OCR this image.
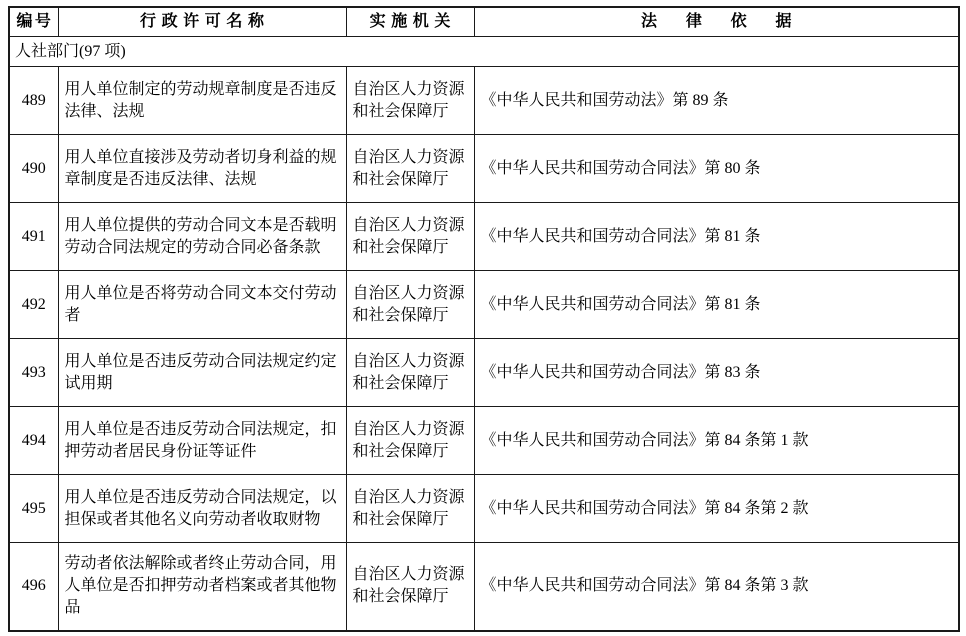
编号	行政许可名称	实施机关	法律依据
人社部门(97 项)			
489	用人单位制定的劳动规章制度是否违反法律、法规	自治区人力资源和社会保障厅	《中华人民共和国劳动法》第 89 条
490	用人单位直接涉及劳动者切身利益的规章制度是否违反法律、法规	自治区人力资源和社会保障厅	《中华人民共和国劳动合同法》第 80 条
491	用人单位提供的劳动合同文本是否载明劳动合同法规定的劳动合同必备条款	自治区人力资源和社会保障厅	《中华人民共和国劳动合同法》第 81 条
492	用人单位是否将劳动合同文本交付劳动者	自治区人力资源和社会保障厅	《中华人民共和国劳动合同法》第 81 条
493	用人单位是否违反劳动合同法规定约定试用期	自治区人力资源和社会保障厅	《中华人民共和国劳动合同法》第 83 条
494	用人单位是否违反劳动合同法规定，扣押劳动者居民身份证等证件	自治区人力资源和社会保障厅	《中华人民共和国劳动合同法》第 84 条第 1 款
495	用人单位是否违反劳动合同法规定，以担保或者其他名义向劳动者收取财物	自治区人力资源和社会保障厅	《中华人民共和国劳动合同法》第 84 条第 2 款
496	劳动者依法解除或者终止劳动合同，用人单位是否扣押劳动者档案或者其他物品	自治区人力资源和社会保障厅	《中华人民共和国劳动合同法》第 84 条第 3 款
